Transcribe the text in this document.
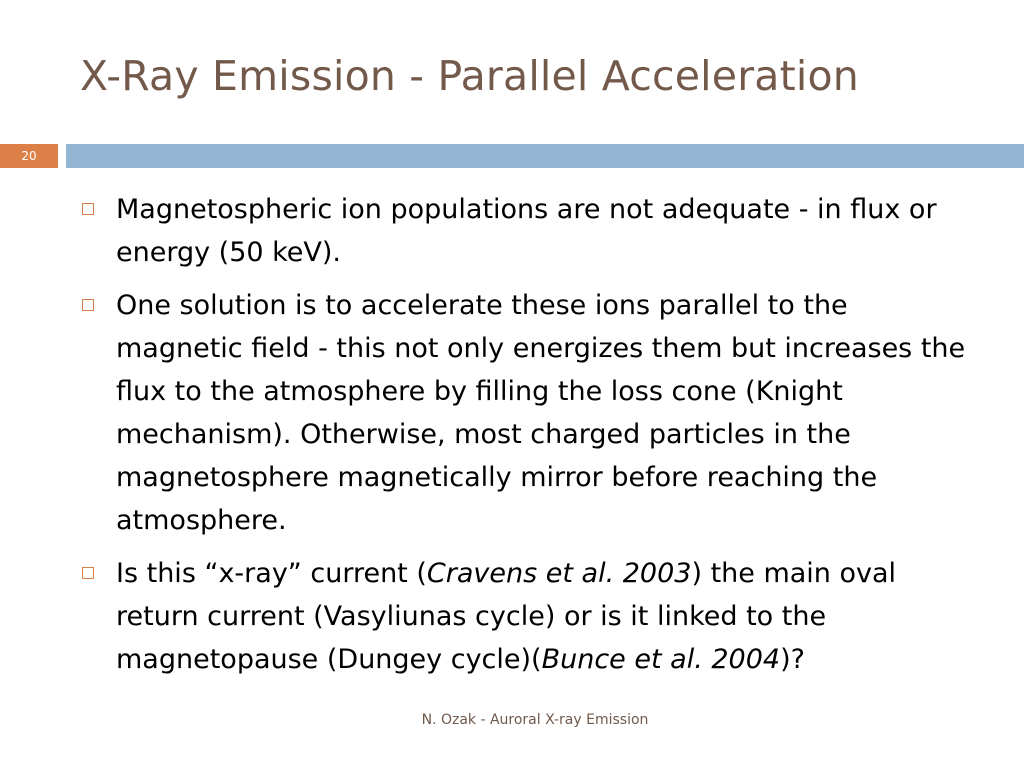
X-Ray Emission - Parallel Acceleration
20
Magnetospheric ion populations are not adequate - in flux or energy (50 keV).
One solution is to accelerate these ions parallel to the magnetic field - this not only energizes them but increases the flux to the atmosphere by filling the loss cone (Knight mechanism). Otherwise, most charged particles in the magnetosphere magnetically mirror before reaching the atmosphere.
Is this “x-ray” current (Cravens et al. 2003) the main oval return current (Vasyliunas cycle) or is it linked to the magnetopause (Dungey cycle)(Bunce et al. 2004)?
N. Ozak - Auroral X-ray Emission
